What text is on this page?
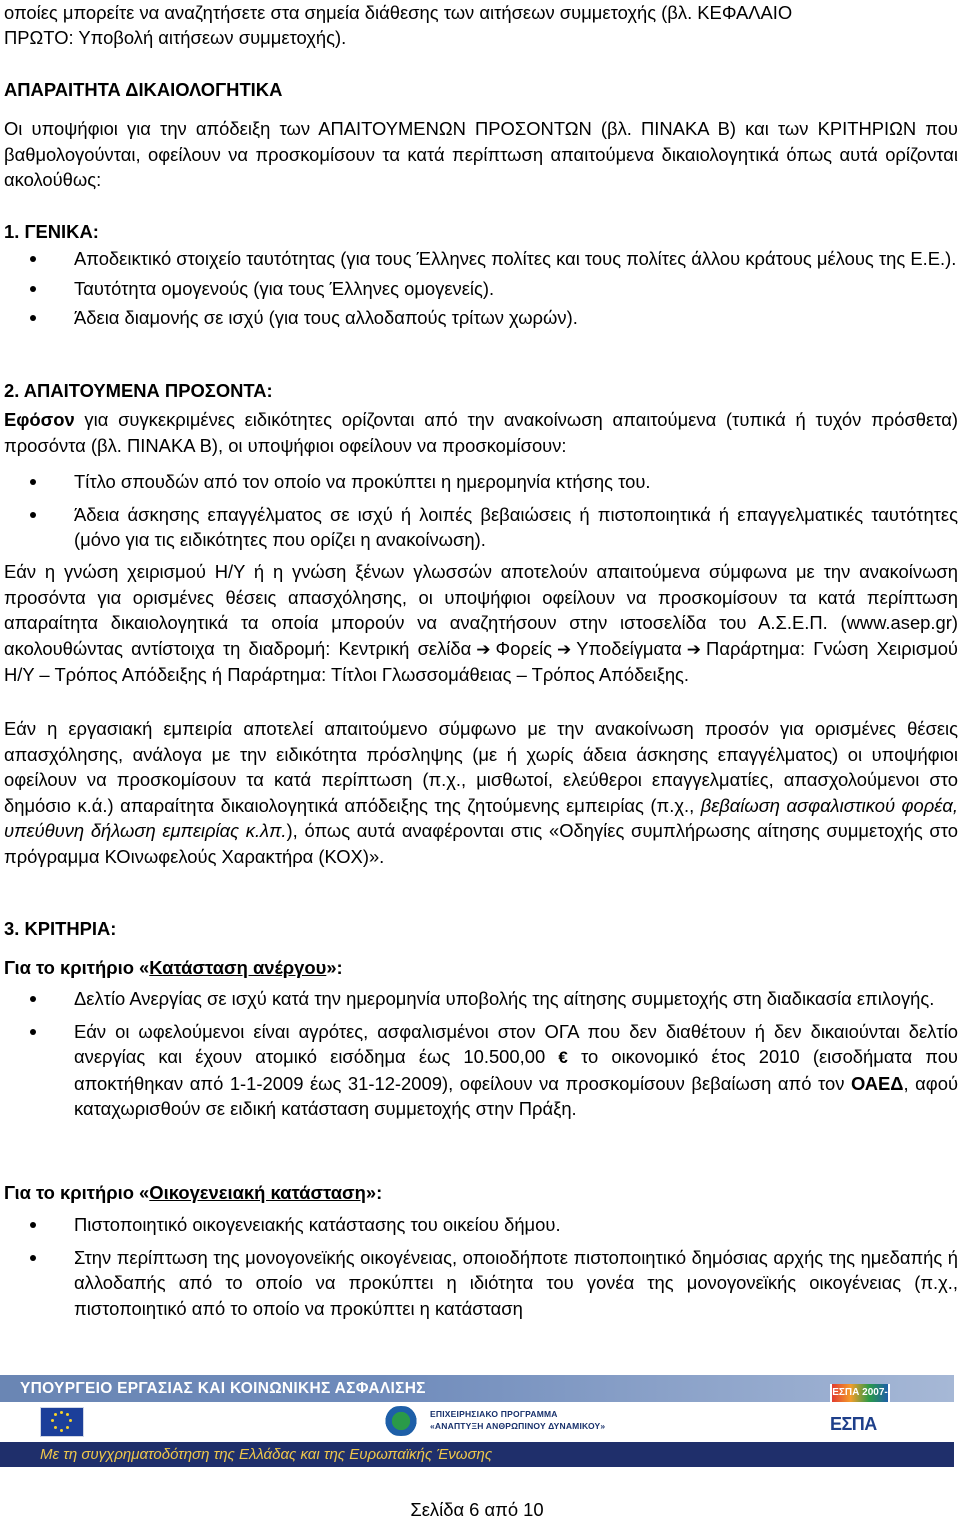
οποίες μπορείτε να αναζητήσετε στα σημεία διάθεσης των αιτήσεων συμμετοχής (βλ. ΚΕΦΑΛΑΙΟ

ΠΡΩΤΟ: Υποβολή αιτήσεων συμμετοχής).

ΑΠΑΡΑΙΤΗΤΑ ΔΙΚΑΙΟΛΟΓΗΤΙΚΑ

Οι υποψήφιοι για την απόδειξη των ΑΠΑΙΤΟΥΜΕΝΩΝ ΠΡΟΣΟΝΤΩΝ (βλ. ΠΙΝΑΚΑ Β) και των ΚΡΙΤΗΡΙΩΝ που βαθμολογούνται, οφείλουν να προσκομίσουν τα κατά περίπτωση απαιτούμενα δικαιολογητικά όπως αυτά ορίζονται ακολούθως:

1. ΓΕΝΙΚΑ:

Αποδεικτικό στοιχείο ταυτότητας (για τους Έλληνες πολίτες και τους πολίτες άλλου κράτους μέλους της Ε.Ε.).

Ταυτότητα ομογενούς (για τους Έλληνες ομογενείς).

Άδεια διαμονής σε ισχύ (για τους αλλοδαπούς τρίτων χωρών).

2. ΑΠΑΙΤΟΥΜΕΝΑ ΠΡΟΣΟΝΤΑ:

Εφόσον για συγκεκριμένες ειδικότητες ορίζονται από την ανακοίνωση απαιτούμενα (τυπικά ή τυχόν πρόσθετα) προσόντα (βλ. ΠΙΝΑΚΑ Β), οι υποψήφιοι οφείλουν να προσκομίσουν:

Τίτλο σπουδών από τον οποίο να προκύπτει η ημερομηνία κτήσης του.

Άδεια άσκησης επαγγέλματος σε ισχύ ή λοιπές βεβαιώσεις ή πιστοποιητικά ή επαγγελματικές ταυτότητες (μόνο για τις ειδικότητες που ορίζει η ανακοίνωση).

Εάν η γνώση χειρισμού Η/Υ ή η γνώση ξένων γλωσσών αποτελούν απαιτούμενα σύμφωνα με την ανακοίνωση προσόντα για ορισμένες θέσεις απασχόλησης, οι υποψήφιοι οφείλουν να προσκομίσουν τα κατά περίπτωση απαραίτητα δικαιολογητικά τα οποία μπορούν να αναζητήσουν στην ιστοσελίδα του Α.Σ.Ε.Π. (www.asep.gr) ακολουθώντας αντίστοιχα τη διαδρομή: Κεντρική σελίδα ➔ Φορείς ➔ Υποδείγματα ➔ Παράρτημα: Γνώση Χειρισμού Η/Υ – Τρόπος Απόδειξης ή Παράρτημα: Τίτλοι Γλωσσομάθειας – Τρόπος Απόδειξης.

Εάν η εργασιακή εμπειρία αποτελεί απαιτούμενο σύμφωνο με την ανακοίνωση προσόν για ορισμένες θέσεις απασχόλησης, ανάλογα με την ειδικότητα πρόσληψης (με ή χωρίς άδεια άσκησης επαγγέλματος) οι υποψήφιοι οφείλουν να προσκομίσουν τα κατά περίπτωση (π.χ., μισθωτοί, ελεύθεροι επαγγελματίες, απασχολούμενοι στο δημόσιο κ.ά.) απαραίτητα δικαιολογητικά απόδειξης της ζητούμενης εμπειρίας (π.χ., βεβαίωση ασφαλιστικού φορέα, υπεύθυνη δήλωση εμπειρίας κ.λπ.), όπως αυτά αναφέρονται στις «Οδηγίες συμπλήρωσης αίτησης συμμετοχής στο πρόγραμμα ΚΟινωφελούς Χαρακτήρα (ΚΟΧ)».

3. ΚΡΙΤΗΡΙΑ:

Για το κριτήριο «Κατάσταση ανέργου»:

Δελτίο Ανεργίας σε ισχύ κατά την ημερομηνία υποβολής της αίτησης συμμετοχής στη διαδικασία επιλογής.

Εάν οι ωφελούμενοι είναι αγρότες, ασφαλισμένοι στον ΟΓΑ που δεν διαθέτουν ή δεν δικαιούνται δελτίο ανεργίας και έχουν ατομικό εισόδημα έως 10.500,00 € το οικονομικό έτος 2010 (εισοδήματα που αποκτήθηκαν από 1-1-2009 έως 31-12-2009), οφείλουν να προσκομίσουν βεβαίωση από τον ΟΑΕΔ, αφού καταχωρισθούν σε ειδική κατάσταση συμμετοχής στην Πράξη.

Για το κριτήριο «Οικογενειακή κατάσταση»:

Πιστοποιητικό οικογενειακής κατάστασης του οικείου δήμου.

Στην περίπτωση της μονογονεϊκής οικογένειας, οποιοδήποτε πιστοποιητικό δημόσιας αρχής της ημεδαπής ή αλλοδαπής από το οποίο να προκύπτει η ιδιότητα του γονέα της μονογονεϊκής οικογένειας (π.χ., πιστοποιητικό από το οποίο να προκύπτει η κατάσταση

ΥΠΟΥΡΓΕΙΟ ΕΡΓΑΣΙΑΣ ΚΑΙ ΚΟΙΝΩΝΙΚΗΣ ΑΣΦΑΛΙΣΗΣ
ΕΠΙΧΕΙΡΗΣΙΑΚΟ ΠΡΟΓΡΑΜΜΑ
«ΑΝΑΠΤΥΞΗ ΑΝΘΡΩΠΙΝΟΥ ΔΥΝΑΜΙΚΟΥ»
ΕΣΠΑ 2007-2013
ΕΣΠΑ
Με τη συγχρηματοδότηση της Ελλάδας και της Ευρωπαϊκής Ένωσης
Σελίδα 6 από 10
